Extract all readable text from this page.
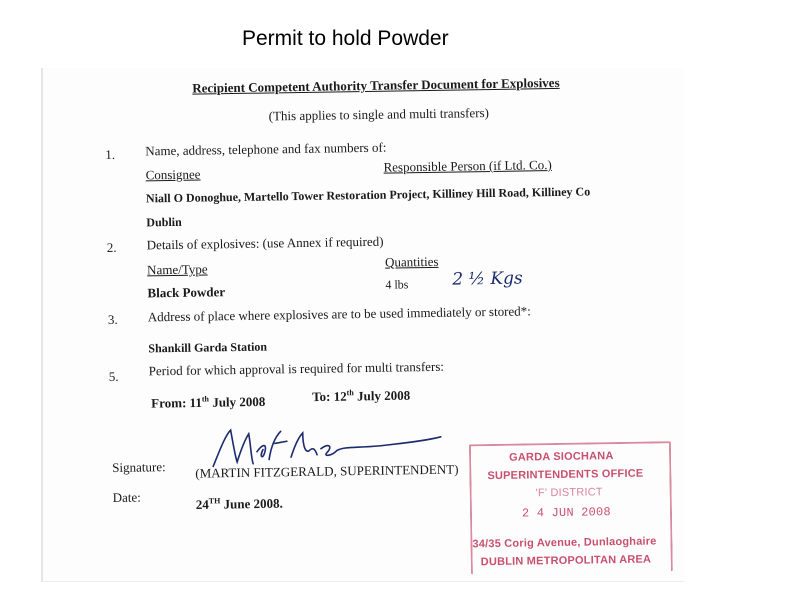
Permit to hold Powder
Recipient Competent Authority Transfer Document for Explosives
(This applies to single and multi transfers)
1. Name, address, telephone and fax numbers of:
Consignee	Responsible Person (if Ltd. Co.)
Niall O Donoghue, Martello Tower Restoration Project, Killiney Hill Road, Killiney Co
Dublin
2. Details of explosives: (use Annex if required)
Name/Type	Quantities
Black Powder	4 lbs	2 ½ Kgs
3. Address of place where explosives are to be used immediately or stored*:
Shankill Garda Station
5. Period for which approval is required for multi transfers:
From: 11th July 2008	To: 12th July 2008
Signature: (MARTIN FITZGERALD, SUPERINTENDENT)
Date:	24TH June 2008.
GARDA SIOCHANA
SUPERINTENDENTS OFFICE
'F' DISTRICT
2 4 JUN 2008
34/35 Corig Avenue, Dunlaoghaire
DUBLIN METROPOLITAN AREA
